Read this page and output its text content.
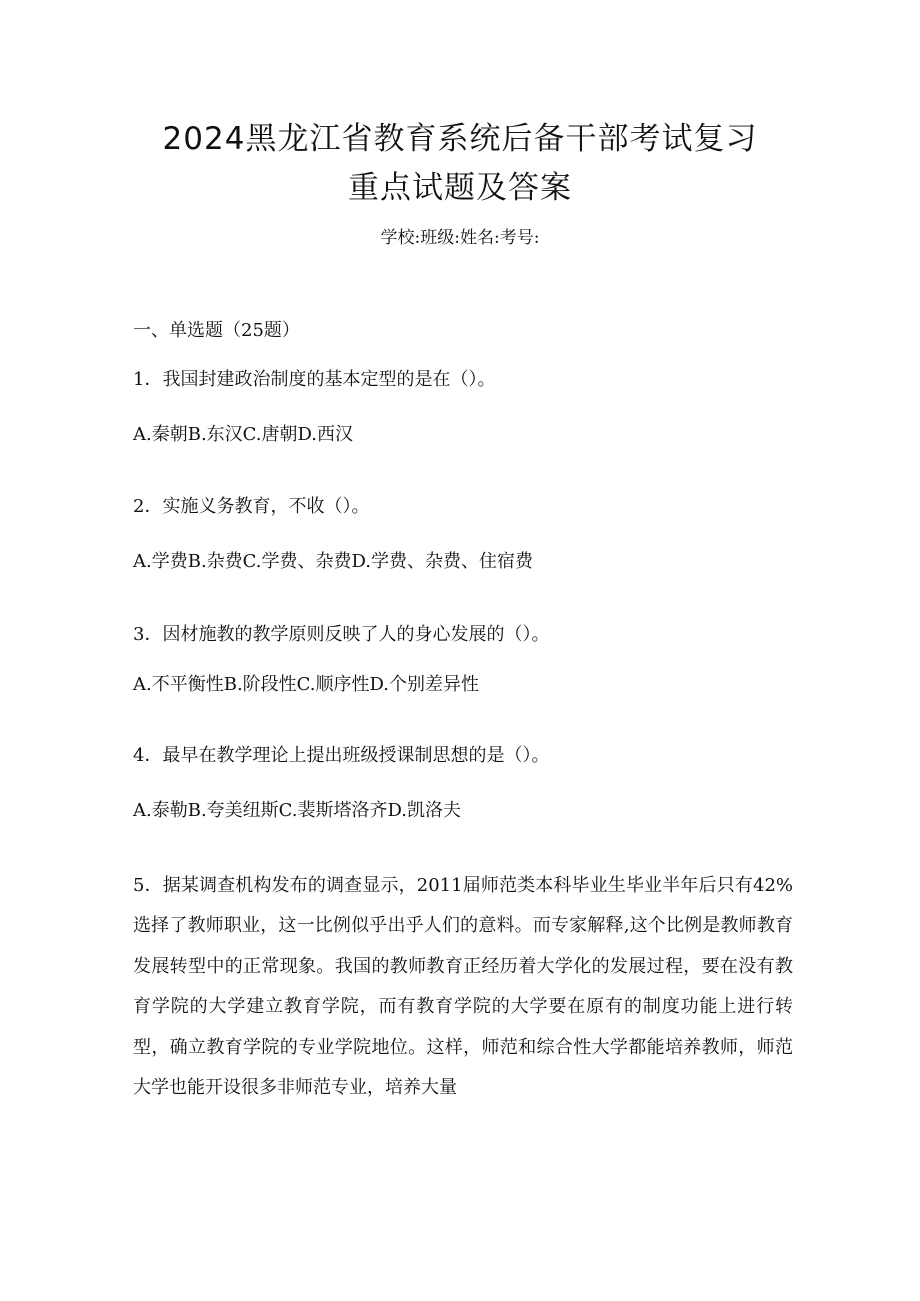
2024黑龙江省教育系统后备干部考试复习
重点试题及答案
学校:班级:姓名:考号:
一、单选题（25题）
1．我国封建政治制度的基本定型的是在（）。
A.秦朝B.东汉C.唐朝D.西汉
2．实施义务教育，不收（）。
A.学费B.杂费C.学费、杂费D.学费、杂费、住宿费
3．因材施教的教学原则反映了人的身心发展的（）。
A.不平衡性B.阶段性C.顺序性D.个别差异性
4．最早在教学理论上提出班级授课制思想的是（）。
A.泰勒B.夸美纽斯C.裴斯塔洛齐D.凯洛夫
5．据某调查机构发布的调查显示，2011届师范类本科毕业生毕业半年后只有42%选择了教师职业，这一比例似乎出乎人们的意料。而专家解释,这个比例是教师教育发展转型中的正常现象。我国的教师教育正经历着大学化的发展过程，要在没有教育学院的大学建立教育学院，而有教育学院的大学要在原有的制度功能上进行转型，确立教育学院的专业学院地位。这样，师范和综合性大学都能培养教师，师范大学也能开设很多非师范专业，培养大量
